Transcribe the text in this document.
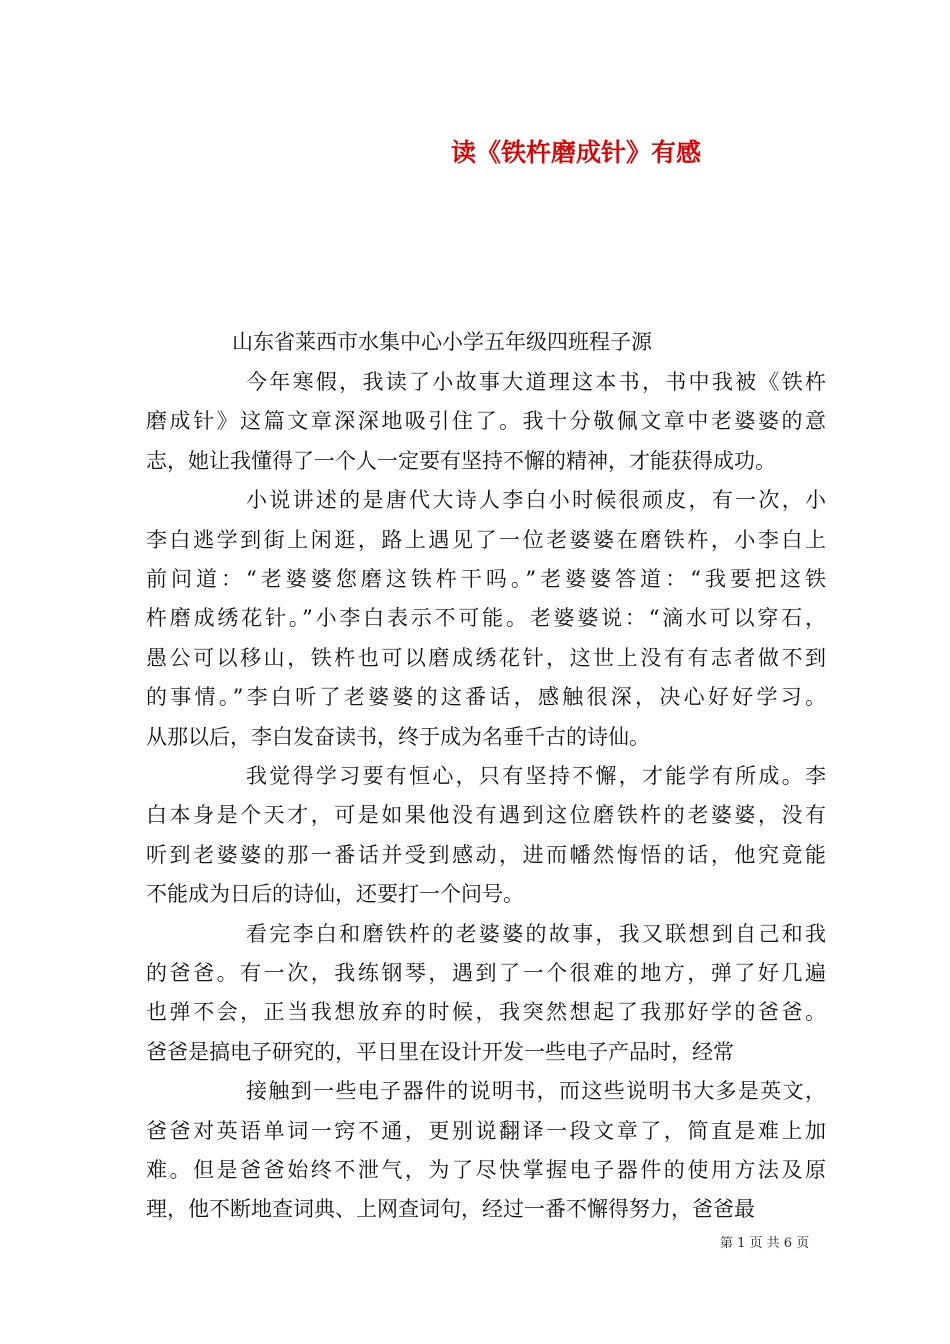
读《铁杵磨成针》有感
山东省莱西市水集中心小学五年级四班程子源
今年寒假，我读了小故事大道理这本书，书中我被《铁杵
磨成针》这篇文章深深地吸引住了。我十分敬佩文章中老婆婆的意
志，她让我懂得了一个人一定要有坚持不懈的精神，才能获得成功。
小说讲述的是唐代大诗人李白小时候很顽皮，有一次，小
李白逃学到街上闲逛，路上遇见了一位老婆婆在磨铁杵，小李白上
前问道：“老婆婆您磨这铁杵干吗。”老婆婆答道：“我要把这铁
杵磨成绣花针。”小李白表示不可能。老婆婆说：“滴水可以穿石，
愚公可以移山，铁杵也可以磨成绣花针，这世上没有有志者做不到
的事情。”李白听了老婆婆的这番话，感触很深，决心好好学习。
从那以后，李白发奋读书，终于成为名垂千古的诗仙。
我觉得学习要有恒心，只有坚持不懈，才能学有所成。李
白本身是个天才，可是如果他没有遇到这位磨铁杵的老婆婆，没有
听到老婆婆的那一番话并受到感动，进而幡然悔悟的话，他究竟能
不能成为日后的诗仙，还要打一个问号。
看完李白和磨铁杵的老婆婆的故事，我又联想到自己和我
的爸爸。有一次，我练钢琴，遇到了一个很难的地方，弹了好几遍
也弹不会，正当我想放弃的时候，我突然想起了我那好学的爸爸。
爸爸是搞电子研究的，平日里在设计开发一些电子产品时，经常
接触到一些电子器件的说明书，而这些说明书大多是英文，
爸爸对英语单词一窍不通，更别说翻译一段文章了，简直是难上加
难。但是爸爸始终不泄气，为了尽快掌握电子器件的使用方法及原
理，他不断地查词典、上网查词句，经过一番不懈得努力，爸爸最
第 1 页 共 6 页
